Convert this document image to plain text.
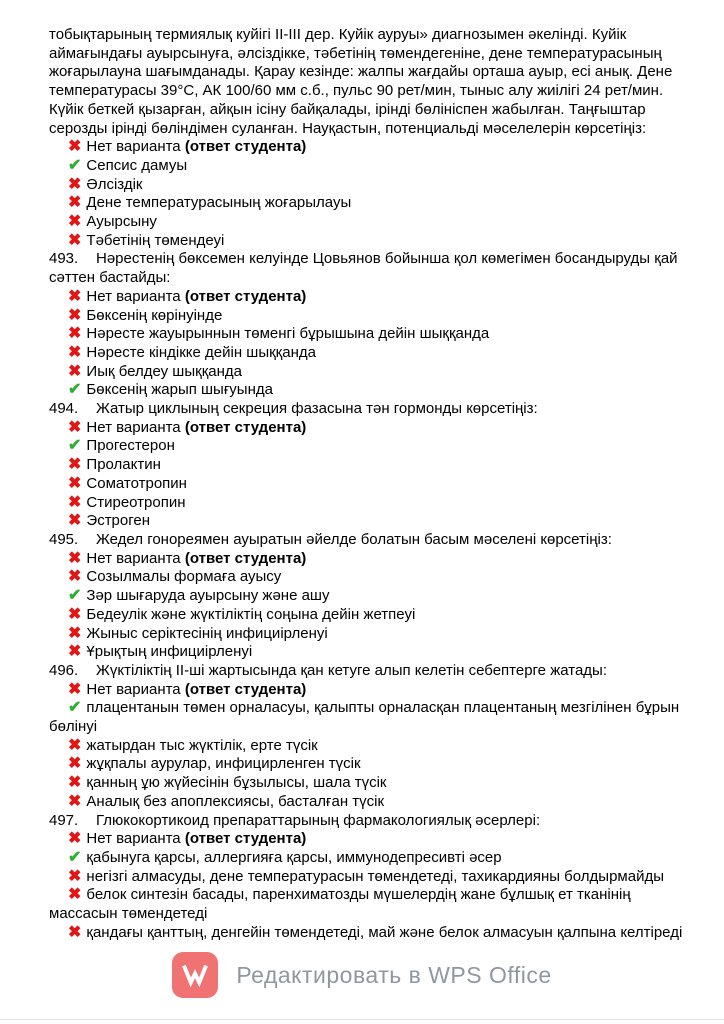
тобықтарының термиялық куйігі II-III дер. Куйік ауруы» диагнозымен әкелінді. Куйік аймағындағы ауырсынуға, әлсіздікке, тәбетінің төмендегеніне, дене температурасының жоғарылауна шағымданады. Қарау кезінде: жалпы жағдайы орташа ауыр, есі анық. Дене температурасы 39°С, АК 100/60 мм с.б., пульс 90 рет/мин, тыныс алу жиілігі 24 рет/мин. Күйік беткей қызарған, айқын ісіну байқалады, ірінді бөлініспен жабылған. Таңғыштар серозды ірінді бөліндімен суланған. Науқастын, потенциальді мәселелерін көрсетіңіз:

✖ Нет варианта (ответ студента)
✔ Сепсис дамуы
✖ Әлсіздік
✖ Дене температурасының жоғарылауы
✖ Ауырсыну
✖ Тәбетінің төмендеуі
493. Нәрестенің бөксемен келуінде Цовьянов бойынша қол көмегімен босандыруды қай сәттен бастайды:
✖ Нет варианта (ответ студента)
✖ Бөксенің көрінуінде
✖ Нәресте жауырыннын төменгі бұрышына дейін шыққанда
✖ Нәресте кіндікке дейін шыққанда
✖ Иық белдеу шыққанда
✔ Бөксенің жарып шығуында
494. Жатыр циклының секреция фазасына тән гормонды көрсетіңіз:
✖ Нет варианта (ответ студента)
✔ Прогестерон
✖ Пролактин
✖ Соматотропин
✖ Стиреотропин
✖ Эстроген
495. Жедел гонореямен ауыратын әйелде болатын басым мәселені көрсетіңіз:
✖ Нет варианта (ответ студента)
✖ Созылмалы формаға ауысу
✔ Зәр шығаруда ауырсыну және ашу
✖ Бедеулік және жүктіліктің соңына дейін жетпеуі
✖ Жыныс серіктесінің инфициірленуі
✖ Ұрықтың инфициірленуі
496. Жүктіліктің II-ші жартысында қан кетуге алып келетін себептерге жатады:
✖ Нет варианта (ответ студента)
✔ плацентанын төмен орналасуы, қалыпты орналасқан плацентаның мезгілінен бұрын бөлінуі
✖ жатырдан тыс жүктілік, ерте түсік
✖ жұқпалы аурулар, инфицирленген түсік
✖ қанның ұю жүйесінін бұзылысы, шала түсік
✖ Аналық без апоплексиясы, басталған түсік
497. Глюкокортикоид препараттарының фармакологиялық әсерлері:
✖ Нет варианта (ответ студента)
✔ қабынуга қарсы, аллергияға қарсы, иммунодепресивті әсер
✖ негізгі алмасуды, дене температурасын төмендетеді, тахикардияны болдырмайды
✖ белок синтезін басады, паренхиматозды мүшелердің жане бұлшық ет тканінің массасын төмендетеді
✖ қандағы қанттың, денгейін төмендетеді, май және белок алмасуын қалпына келтіреді
Редактировать в WPS Office
